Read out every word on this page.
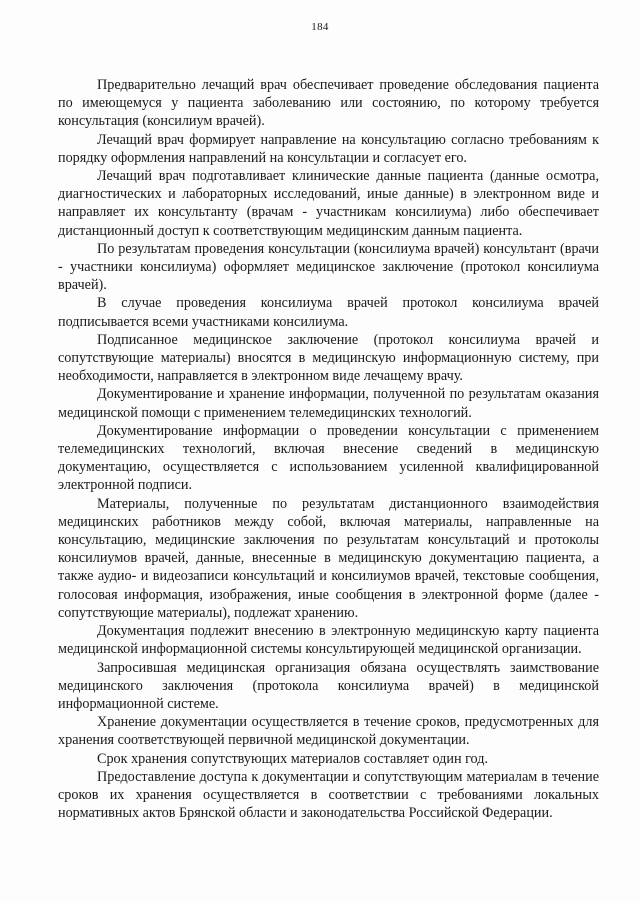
184

Предварительно лечащий врач обеспечивает проведение обследования пациента по имеющемуся у пациента заболеванию или состоянию, по которому требуется консультация (консилиум врачей).

Лечащий врач формирует направление на консультацию согласно требованиям к порядку оформления направлений на консультации и согласует его.

Лечащий врач подготавливает клинические данные пациента (данные осмотра, диагностических и лабораторных исследований, иные данные) в электронном виде и направляет их консультанту (врачам - участникам консилиума) либо обеспечивает дистанционный доступ к соответствующим медицинским данным пациента.

По результатам проведения консультации (консилиума врачей) консультант (врачи - участники консилиума) оформляет медицинское заключение (протокол консилиума врачей).

В случае проведения консилиума врачей протокол консилиума врачей подписывается всеми участниками консилиума.

Подписанное медицинское заключение (протокол консилиума врачей и сопутствующие материалы) вносятся в медицинскую информационную систему, при необходимости, направляется в электронном виде лечащему врачу.

Документирование и хранение информации, полученной по результатам оказания медицинской помощи с применением телемедицинских технологий.

Документирование информации о проведении консультации с применением телемедицинских технологий, включая внесение сведений в медицинскую документацию, осуществляется с использованием усиленной квалифицированной электронной подписи.

Материалы, полученные по результатам дистанционного взаимодействия медицинских работников между собой, включая материалы, направленные на консультацию, медицинские заключения по результатам консультаций и протоколы консилиумов врачей, данные, внесенные в медицинскую документацию пациента, а также аудио- и видеозаписи консультаций и консилиумов врачей, текстовые сообщения, голосовая информация, изображения, иные сообщения в электронной форме (далее - сопутствующие материалы), подлежат хранению.

Документация подлежит внесению в электронную медицинскую карту пациента медицинской информационной системы консультирующей медицинской организации.

Запросившая медицинская организация обязана осуществлять заимствование медицинского заключения (протокола консилиума врачей) в медицинской информационной системе.

Хранение документации осуществляется в течение сроков, предусмотренных для хранения соответствующей первичной медицинской документации.

Срок хранения сопутствующих материалов составляет один год.

Предоставление доступа к документации и сопутствующим материалам в течение сроков их хранения осуществляется в соответствии с требованиями локальных нормативных актов Брянской области и законодательства Российской Федерации.
